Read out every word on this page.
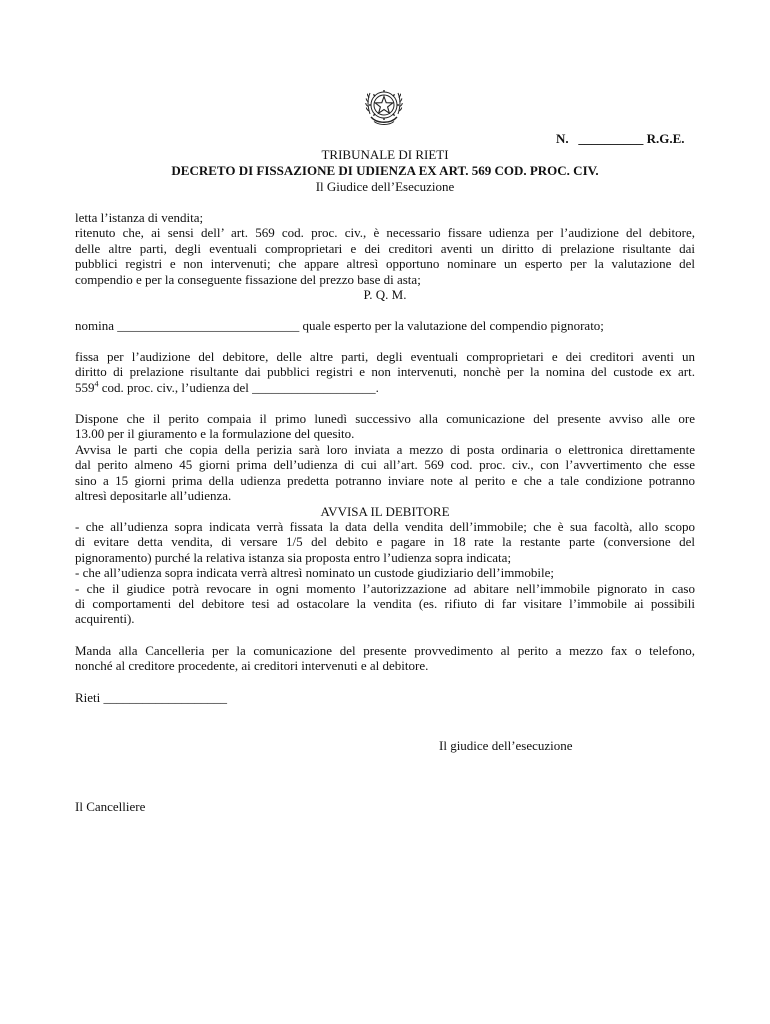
N.   __________ R.G.E.
TRIBUNALE DI RIETI
DECRETO DI FISSAZIONE DI UDIENZA EX ART. 569 COD. PROC. CIV.
Il Giudice dell’Esecuzione
letta l’istanza di vendita;
ritenuto che, ai sensi dell’ art. 569 cod. proc. civ., è necessario fissare udienza per l’audizione del debitore,
delle altre parti, degli eventuali comproprietari e dei creditori aventi un diritto di prelazione risultante dai
pubblici registri e non intervenuti; che appare altresì opportuno nominare un esperto per la valutazione del
compendio e per la conseguente fissazione del prezzo base di asta;
P. Q. M.
nomina ____________________________ quale esperto per la valutazione del compendio pignorato;
fissa per l’audizione del debitore, delle altre parti, degli eventuali comproprietari e dei creditori aventi un
diritto di prelazione risultante dai pubblici registri e non intervenuti, nonchè per la nomina del custode ex art.
$559^4$ cod. proc. civ., l’udienza del ___________________.
Dispone che il perito compaia il primo lunedì successivo alla comunicazione del presente avviso alle ore
13.00 per il giuramento e la formulazione del quesito.
Avvisa le parti che copia della perizia sarà loro inviata a mezzo di posta ordinaria o elettronica direttamente
dal perito almeno 45 giorni prima dell’udienza di cui all’art. 569 cod. proc. civ., con l’avvertimento che esse
sino a 15 giorni prima della udienza predetta potranno inviare note al perito e che a tale condizione potranno
altresì depositarle all’udienza.
AVVISA IL DEBITORE
- che all’udienza sopra indicata verrà fissata la data della vendita dell’immobile; che è sua facoltà, allo scopo
di evitare detta vendita, di versare 1/5 del debito e pagare in 18 rate la restante parte (conversione del
pignoramento) purché la relativa istanza sia proposta entro l’udienza sopra indicata;
- che all’udienza sopra indicata verrà altresì nominato un custode giudiziario dell’immobile;
- che il giudice potrà revocare in ogni momento l’autorizzazione ad abitare nell’immobile pignorato in caso
di comportamenti del debitore tesi ad ostacolare la vendita (es. rifiuto di far visitare l’immobile ai possibili
acquirenti).
Manda alla Cancelleria per la comunicazione del presente provvedimento al perito a mezzo fax o telefono,
nonché al creditore procedente, ai creditori intervenuti e al debitore.
Rieti ___________________
Il giudice dell’esecuzione
Il Cancelliere
